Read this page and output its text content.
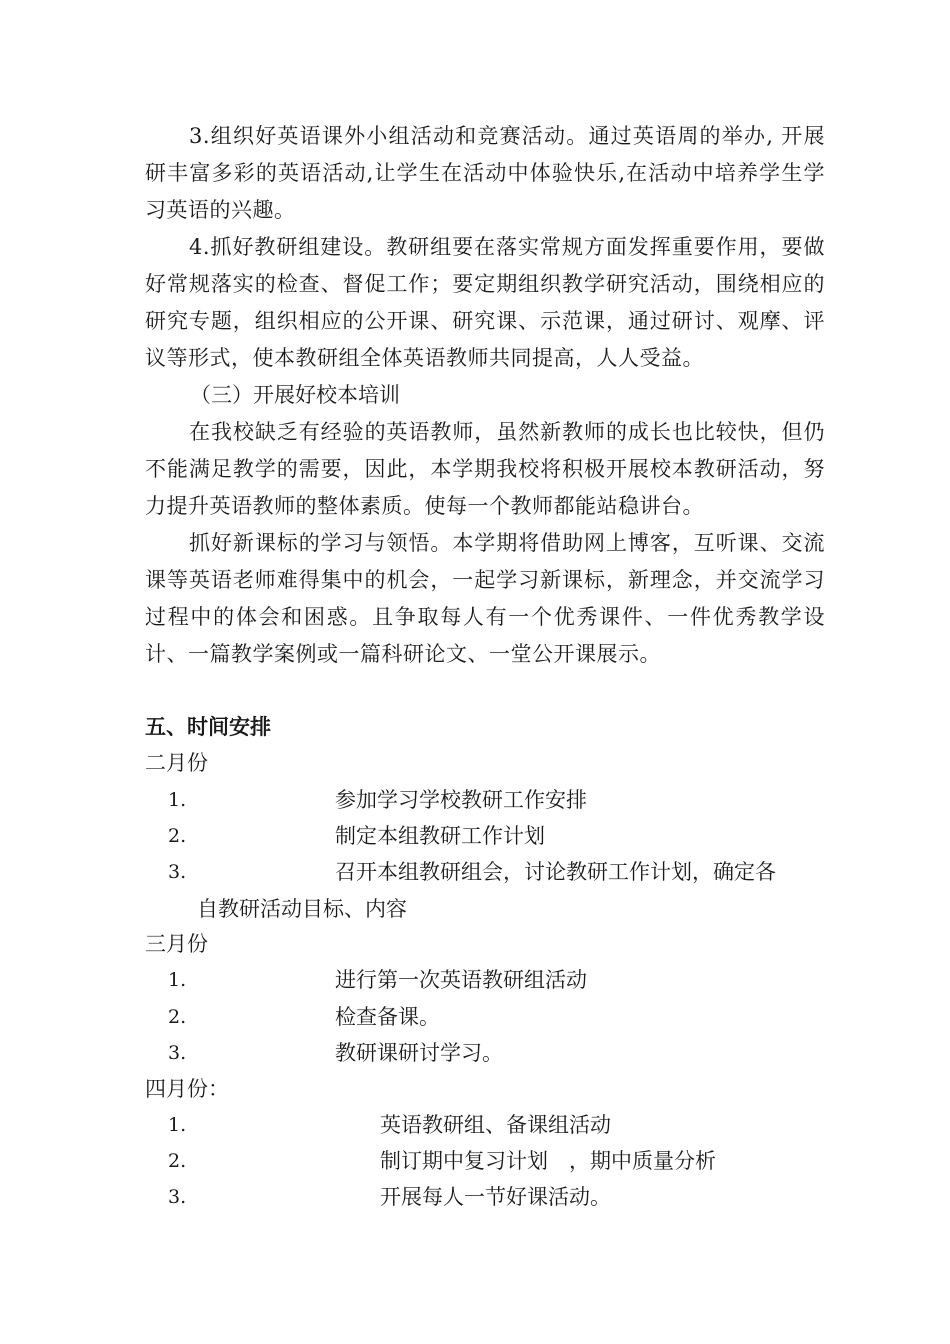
3.组织好英语课外小组活动和竞赛活动。通过英语周的举办, 开展研丰富多彩的英语活动,让学生在活动中体验快乐,在活动中培养学生学习英语的兴趣。

4.抓好教研组建设。教研组要在落实常规方面发挥重要作用，要做好常规落实的检查、督促工作；要定期组织教学研究活动，围绕相应的研究专题，组织相应的公开课、研究课、示范课，通过研讨、观摩、评议等形式，使本教研组全体英语教师共同提高，人人受益。

（三）开展好校本培训

在我校缺乏有经验的英语教师，虽然新教师的成长也比较快，但仍不能满足教学的需要，因此，本学期我校将积极开展校本教研活动，努力提升英语教师的整体素质。使每一个教师都能站稳讲台。

抓好新课标的学习与领悟。本学期将借助网上博客，互听课、交流课等英语老师难得集中的机会，一起学习新课标，新理念，并交流学习过程中的体会和困惑。且争取每人有一个优秀课件、一件优秀教学设计、一篇教学案例或一篇科研论文、一堂公开课展示。

五、时间安排

二月份

1.	参加学习学校教研工作安排
2.	制定本组教研工作计划
3.	召开本组教研组会，讨论教研工作计划，确定各
自教研活动目标、内容

三月份

1.	进行第一次英语教研组活动
2.	检查备课。
3.	教研课研讨学习。

四月份：

1.	英语教研组、备课组活动
2.	制订期中复习计划　，期中质量分析
3.	开展每人一节好课活动。
